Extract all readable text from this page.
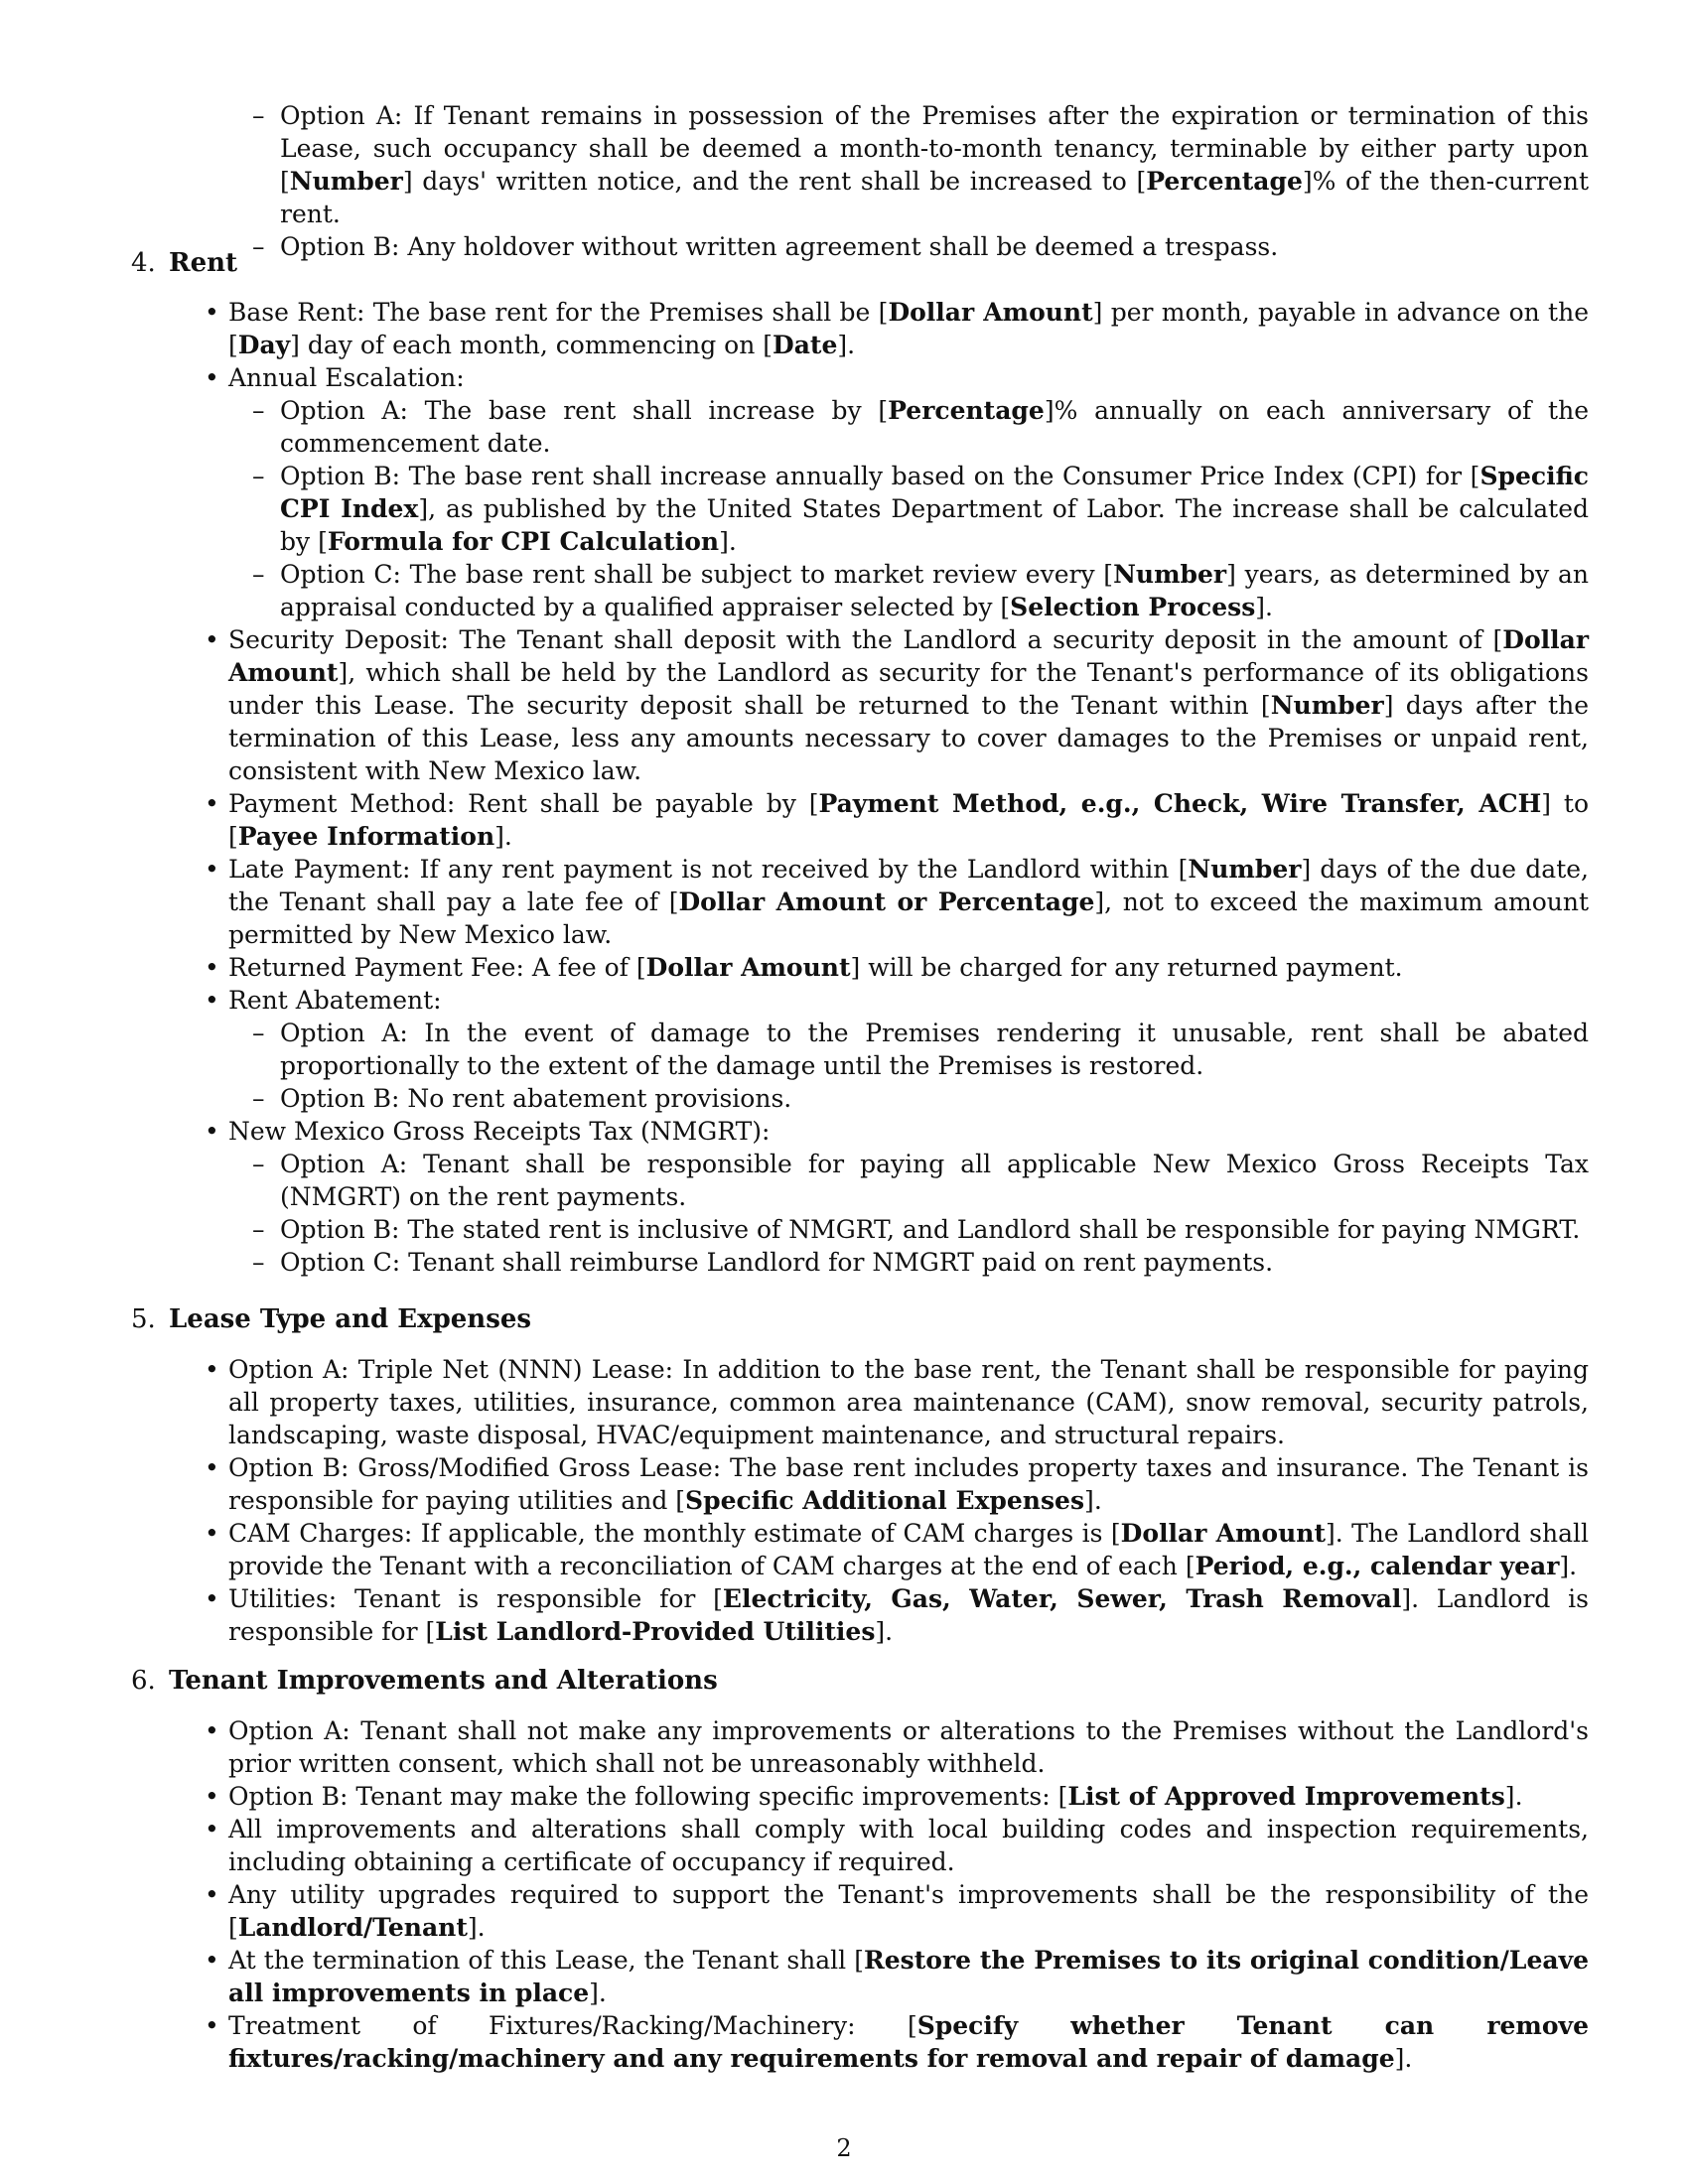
– Option A: If Tenant remains in possession of the Premises after the expiration or termination of this Lease, such occupancy shall be deemed a month-to-month tenancy, terminable by either party upon [Number] days' written notice, and the rent shall be increased to [Percentage]% of the then-current rent.
– Option B: Any holdover without written agreement shall be deemed a trespass.
4. Rent
• Base Rent: The base rent for the Premises shall be [Dollar Amount] per month, payable in advance on the [Day] day of each month, commencing on [Date].
• Annual Escalation:
– Option A: The base rent shall increase by [Percentage]% annually on each anniversary of the commencement date.
– Option B: The base rent shall increase annually based on the Consumer Price Index (CPI) for [Specific CPI Index], as published by the United States Department of Labor. The increase shall be calculated by [Formula for CPI Calculation].
– Option C: The base rent shall be subject to market review every [Number] years, as determined by an appraisal conducted by a qualified appraiser selected by [Selection Process].
• Security Deposit: The Tenant shall deposit with the Landlord a security deposit in the amount of [Dollar Amount], which shall be held by the Landlord as security for the Tenant's performance of its obligations under this Lease. The security deposit shall be returned to the Tenant within [Number] days after the termination of this Lease, less any amounts necessary to cover damages to the Premises or unpaid rent, consistent with New Mexico law.
• Payment Method: Rent shall be payable by [Payment Method, e.g., Check, Wire Transfer, ACH] to [Payee Information].
• Late Payment: If any rent payment is not received by the Landlord within [Number] days of the due date, the Tenant shall pay a late fee of [Dollar Amount or Percentage], not to exceed the maximum amount permitted by New Mexico law.
• Returned Payment Fee: A fee of [Dollar Amount] will be charged for any returned payment.
• Rent Abatement:
– Option A: In the event of damage to the Premises rendering it unusable, rent shall be abated proportionally to the extent of the damage until the Premises is restored.
– Option B: No rent abatement provisions.
• New Mexico Gross Receipts Tax (NMGRT):
– Option A: Tenant shall be responsible for paying all applicable New Mexico Gross Receipts Tax (NMGRT) on the rent payments.
– Option B: The stated rent is inclusive of NMGRT, and Landlord shall be responsible for paying NMGRT.
– Option C: Tenant shall reimburse Landlord for NMGRT paid on rent payments.
5. Lease Type and Expenses
• Option A: Triple Net (NNN) Lease: In addition to the base rent, the Tenant shall be responsible for paying all property taxes, utilities, insurance, common area maintenance (CAM), snow removal, security patrols, landscaping, waste disposal, HVAC/equipment maintenance, and structural repairs.
• Option B: Gross/Modified Gross Lease: The base rent includes property taxes and insurance. The Tenant is responsible for paying utilities and [Specific Additional Expenses].
• CAM Charges: If applicable, the monthly estimate of CAM charges is [Dollar Amount]. The Landlord shall provide the Tenant with a reconciliation of CAM charges at the end of each [Period, e.g., calendar year].
• Utilities: Tenant is responsible for [Electricity, Gas, Water, Sewer, Trash Removal]. Landlord is responsible for [List Landlord-Provided Utilities].
6. Tenant Improvements and Alterations
• Option A: Tenant shall not make any improvements or alterations to the Premises without the Landlord's prior written consent, which shall not be unreasonably withheld.
• Option B: Tenant may make the following specific improvements: [List of Approved Improvements].
• All improvements and alterations shall comply with local building codes and inspection requirements, including obtaining a certificate of occupancy if required.
• Any utility upgrades required to support the Tenant's improvements shall be the responsibility of the [Landlord/Tenant].
• At the termination of this Lease, the Tenant shall [Restore the Premises to its original condition/Leave all improvements in place].
• Treatment of Fixtures/Racking/Machinery: [Specify whether Tenant can remove fixtures/racking/machinery and any requirements for removal and repair of damage].
2
